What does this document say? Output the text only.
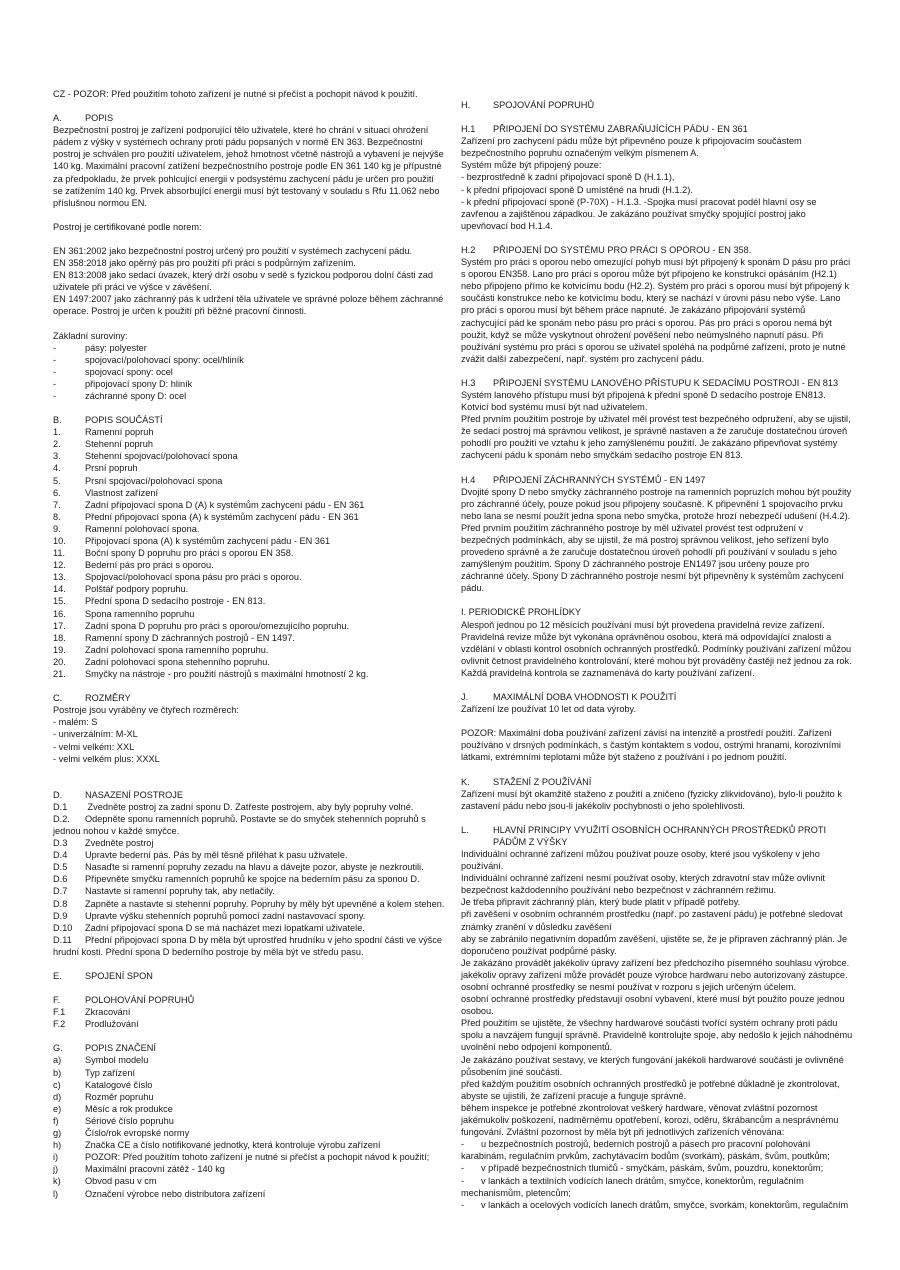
CZ - POZOR: Před použitím tohoto zařízení je nutné si přečíst a pochopit návod k použití.

A.	POPIS

Bezpečnostní postroj je zařízení podporující tělo uživatele, které ho chrání v situaci ohrožení pádem z výšky v systémech ochrany proti pádu popsaných v normě EN 363. Bezpečnostní postroj je schválen pro použití uživatelem, jehož hmotnost včetně nástrojů a vybavení je nejvýše 140 kg. Maximální pracovní zatížení bezpečnostního postroje podle EN 361 140 kg je přípustné za předpokladu, že prvek pohlcující energii v podsystému zachycení pádu je určen pro použití se zatížením 140 kg. Prvek absorbující energii musí být testovaný v souladu s Rfu 11.062 nebo příslušnou normou EN.

Postroj je certifikované podle norem:

EN 361:2002 jako bezpečnostní postroj určený pro použití v systémech zachycení pádu.

EN 358:2018 jako opěrný pás pro použití při práci s podpůrným zařízením.

EN 813:2008 jako sedací úvazek, který drží osobu v sedě s fyzickou podporou dolní části zad uživatele při práci ve výšce v závěšení.

EN 1497:2007 jako záchranný pás k udržení těla uživatele ve správné poloze během záchranné operace. Postroj je určen k použití při běžné pracovní činnosti.

Základní suroviny:

-	pásy: polyester
-	spojovací/polohovací spony: ocel/hliník
-	spojovací spony: ocel
-	připojovací spony D: hliník
-	záchranné spony D: ocel
B.	POPIS SOUČÁSTÍ
1.	Ramenní popruh
2.	Stehenní popruh
3.	Stehenní spojovací/polohovací spona
4.	Prsní popruh
5.	Prsní spojovací/polohovací spona
6.	Vlastnost zařízení
7.	Zadní připojovací spona D (A) k systémům zachycení pádu - EN 361
8.	Přední připojovací spona (A) k systémům zachycení pádu - EN 361
9.	Ramenní polohovací spona.
10.	Připojovací spona (A) k systémům zachycení pádu - EN 361
11.	Boční spony D popruhu pro práci s oporou EN 358.
12.	Bederní pás pro práci s oporou.
13.	Spojovací/polohovací spona pásu pro práci s oporou.
14.	Polštář podpory popruhu.
15.	Přední spona D sedacího postroje - EN 813.
16.	Spona ramenního popruhu
17.	Zadní spona D popruhu pro práci s oporou/omezujícího popruhu.
18.	Ramenní spony D záchranných postrojů - EN 1497.
19.	Zadní polohovací spona ramenního popruhu.
20.	Zadní polohovací spona stehenního popruhu.
21.	Smyčky na nástroje - pro použití nástrojů s maximální hmotností 2 kg.
C.	ROZMĚRY

Postroje jsou vyráběny ve čtyřech rozměrech:

- malém: S

- univerzálním: M-XL

- velmi velkém: XXL

- velmi velkém plus: XXXL

D.	NASAZENÍ POSTROJE

D.1 Zvedněte postroj za zadní sponu D. Zatřeste postrojem, aby byly popruhy volné.

D.2. Odepněte sponu ramenních popruhů. Postavte se do smyček stehenních popruhů s jednou nohou v každé smyčce.

D.3 Zvedněte postroj

D.4 Upravte bederní pás. Pás by měl těsně přiléhat k pasu uživatele.

D.5 Nasaďte si ramenní popruhy zezadu na hlavu a dávejte pozor, abyste je nezkroutili.

D.6 Připevněte smyčku ramenních popruhů ke spojce na bederním pásu za sponou D.

D.7 Nastavte si ramenní popruhy tak, aby netlačily.

D.8 Zapněte a nastavte si stehenní popruhy. Popruhy by měly být upevněné a kolem stehen.

D.9 Upravte výšku stehenních popruhů pomocí zadní nastavovací spony.

D.10 Zadní připojovací spona D se má nacházet mezi lopatkami uživatele.

D.11 Přední připojovací spona D by měla být uprostřed hrudníku v jeho spodní části ve výšce hrudní kosti. Přední spona D bederního postroje by měla být ve středu pasu.

E.	SPOJENÍ SPON
F.	POLOHOVÁNÍ POPRUHŮ
F.1	Zkracování
F.2	Prodlužování
G.	POPIS ZNAČENÍ
a)	Symbol modelu
b)	Typ zařízení
c)	Katalogové číslo
d)	Rozměr popruhu
e)	Měsíc a rok produkce
f)	Sériové číslo popruhu
g)	Číslo/rok evropské normy
h)	Značka CE a číslo notifikované jednotky, která kontroluje výrobu zařízení
i)	POZOR: Před použitím tohoto zařízení je nutné si přečíst a pochopit návod k použití;
j)	Maximální pracovní zátěž - 140 kg
k)	Obvod pasu v cm
l)	Označení výrobce nebo distributora zařízení
H.	SPOJOVÁNÍ POPRUHŮ
H.1	PŘIPOJENÍ DO SYSTÉMU ZABRAŇUJÍCÍCH PÁDU - EN 361

Zařízení pro zachycení pádu může být připevněno pouze k připojovacím součástem bezpečnostního popruhu označeným velkým písmenem A.

Systém může být připojený pouze:

- bezprostředně k zadní připojovací sponě D (H.1.1),

- k přední připojovací sponě D umístěné na hrudi (H.1.2).

- k přední připojovací sponě (P-70X) - H.1.3. -Spojka musí pracovat podél hlavní osy se zavřenou a zajištěnou západkou. Je zakázáno používat smyčky spojující postroj jako upevňovací bod H.1.4.

H.2	PŘIPOJENÍ DO SYSTÉMU PRO PRÁCI S OPOROU - EN 358.

Systém pro práci s oporou nebo omezující pohyb musí být připojený k sponám D pásu pro práci s oporou EN358. Lano pro práci s oporou může být připojeno ke konstrukci opásáním (H2.1) nebo připojeno přímo ke kotvicímu bodu (H2.2). Systém pro práci s oporou musí být připojený k součásti konstrukce nebo ke kotvicímu bodu, který se nachází v úrovni pásu nebo výše. Lano pro práci s oporou musí být během práce napnuté. Je zakázáno připojování systémů zachycující pád ke sponám nebo pásu pro práci s oporou. Pás pro práci s oporou nemá být použit, když se může vyskytnout ohrožení pověšení nebo neúmyslného napnutí pásu. Při používání systému pro práci s oporou se uživatel spoléhá na podpůrné zařízení, proto je nutné zvážit další zabezpečení, např. systém pro zachycení pádu.

H.3	PŘIPOJENÍ SYSTÉMU LANOVÉHO PŘÍSTUPU K SEDACÍMU POSTROJI - EN 813

Systém lanového přístupu musí být připojená k přední sponě D sedacího postroje EN813. Kotvicí bod systému musí být nad uživatelem.

Před prvním použitím postroje by uživatel měl provést test bezpečného odpružení, aby se ujistil, že sedací postroj má správnou velikost, je správně nastaven a že zaručuje dostatečnou úroveň pohodlí pro použití ve vztahu k jeho zamýšlenému použití. Je zakázáno připevňovat systémy zachycení pádu k sponám nebo smyčkám sedacího postroje EN 813.

H.4	PŘIPOJENÍ ZÁCHRANNÝCH SYSTÉMŮ - EN 1497

Dvojité spony D nebo smyčky záchranného postroje na ramenních popruzích mohou být použity pro záchranné účely, pouze pokud jsou připojeny současně. K připevnění 1 spojovacího prvku nebo lana se nesmí použít jedna spona nebo smyčka, protože hrozí nebezpečí udušení (H.4.2). Před prvním použitím záchranného postroje by měl uživatel provést test odpružení v bezpečných podmínkách, aby se ujistil, že má postroj správnou velikost, jeho seřízení bylo provedeno správně a že zaručuje dostatečnou úroveň pohodlí při používání v souladu s jeho zamýšleným použitím. Spony D záchranného postroje EN1497 jsou určeny pouze pro záchranné účely. Spony D záchranného postroje nesmí být připevněny k systémům zachycení pádu.

I. PERIODICKÉ PROHLÍDKY

Alespoň jednou po 12 měsících používání musí být provedena pravidelná revize zařízení. Pravidelná revize může být vykonána oprávněnou osobou, která má odpovídající znalosti a vzdělání v oblasti kontrol osobních ochranných prostředků. Podmínky používání zařízení můžou ovlivnit četnost pravidelného kontrolování, které mohou být prováděny častěji než jednou za rok. Každá pravidelná kontrola se zaznamenává do karty používání zařízení.

J.	MAXIMÁLNÍ DOBA VHODNOSTI K POUŽITÍ

Zařízení lze používat 10 let od data výroby.

POZOR: Maximální doba používání zařízení závisí na intenzitě a prostředí použití. Zařízení používáno v drsných podmínkách, s častým kontaktem s vodou, ostrými hranami, korozivními látkami, extrémními teplotami může být staženo z používání i po jednom použití.

K.	STAŽENÍ Z POUŽÍVÁNÍ

Zařízení musí být okamžitě staženo z použití a zničeno (fyzicky zlikvidováno), bylo-li použito k zastavení pádu nebo jsou-li jakékoliv pochybnosti o jeho spolehlivosti.

L.	HLAVNÍ PRINCIPY VYUŽITÍ OSOBNÍCH OCHRANNÝCH PROSTŘEDKŮ PROTI PÁDŮM Z VÝŠKY

Individuální ochranné zařízení můžou používat pouze osoby, které jsou vyškoleny v jeho používání.

Individuální ochranné zařízení nesmí používat osoby, kterých zdravotní stav může ovlivnit bezpečnost každodenního používání nebo bezpečnost v záchranném režimu.

Je třeba připravit záchranný plán, který bude platit v případě potřeby.

při zavěšení v osobním ochranném prostředku (např. po zastavení pádu) je potřebné sledovat známky zranění v důsledku zavěšení

aby se zabránilo negativním dopadům zavěšení, ujistěte se, že je připraven záchranný plán. Je doporučeno používat podpůrné pásky.

Je zakázáno provádět jakékoliv úpravy zařízení bez předchozího písemného souhlasu výrobce. jakékoliv opravy zařízení může provádět pouze výrobce hardwaru nebo autorizovaný zástupce.

osobní ochranné prostředky se nesmí používat v rozporu s jejich určeným účelem.

osobní ochranné prostředky představují osobní vybavení, které musí být použito pouze jednou osobou.

Před použitím se ujistěte, že všechny hardwarové součásti tvořící systém ochrany proti pádu spolu a navzájem fungují správně. Pravidelně kontrolujte spoje, aby nedošlo k jejich náhodnému uvolnění nebo odpojení komponentů.

Je zakázáno používat sestavy, ve kterých fungování jakékoli hardwarové součásti je ovlivněné působením jiné součásti.

před každým použitím osobních ochranných prostředků je potřebné důkladně je zkontrolovat, abyste se ujistili, že zařízení pracuje a funguje správně.

během inspekce je potřebné zkontrolovat veškerý hardware, věnovat zvláštní pozornost jakémukoliv poškození, nadměrnému opotřebení, korozi, oděru, škrábancům a nesprávnému fungování. Zvláštní pozornost by měla být při jednotlivých zařízeních věnována:

- u bezpečnostních postrojů, bederních postrojů a pásech pro pracovní polohování karabinám, regulačním prvkům, zachytávacím bodům (svorkám), páskám, švům, poutkům;

- v případě bezpečnostních tlumičů - smyčkám, páskám, švům, pouzdru, konektorům;

- v lankách a textilních vodících lanech drátům, smyčce, konektorům, regulačním mechanismům, pletencům;

- v lankách a ocelových vodících lanech drátům, smyčce, svorkám, konektorům, regulačním
